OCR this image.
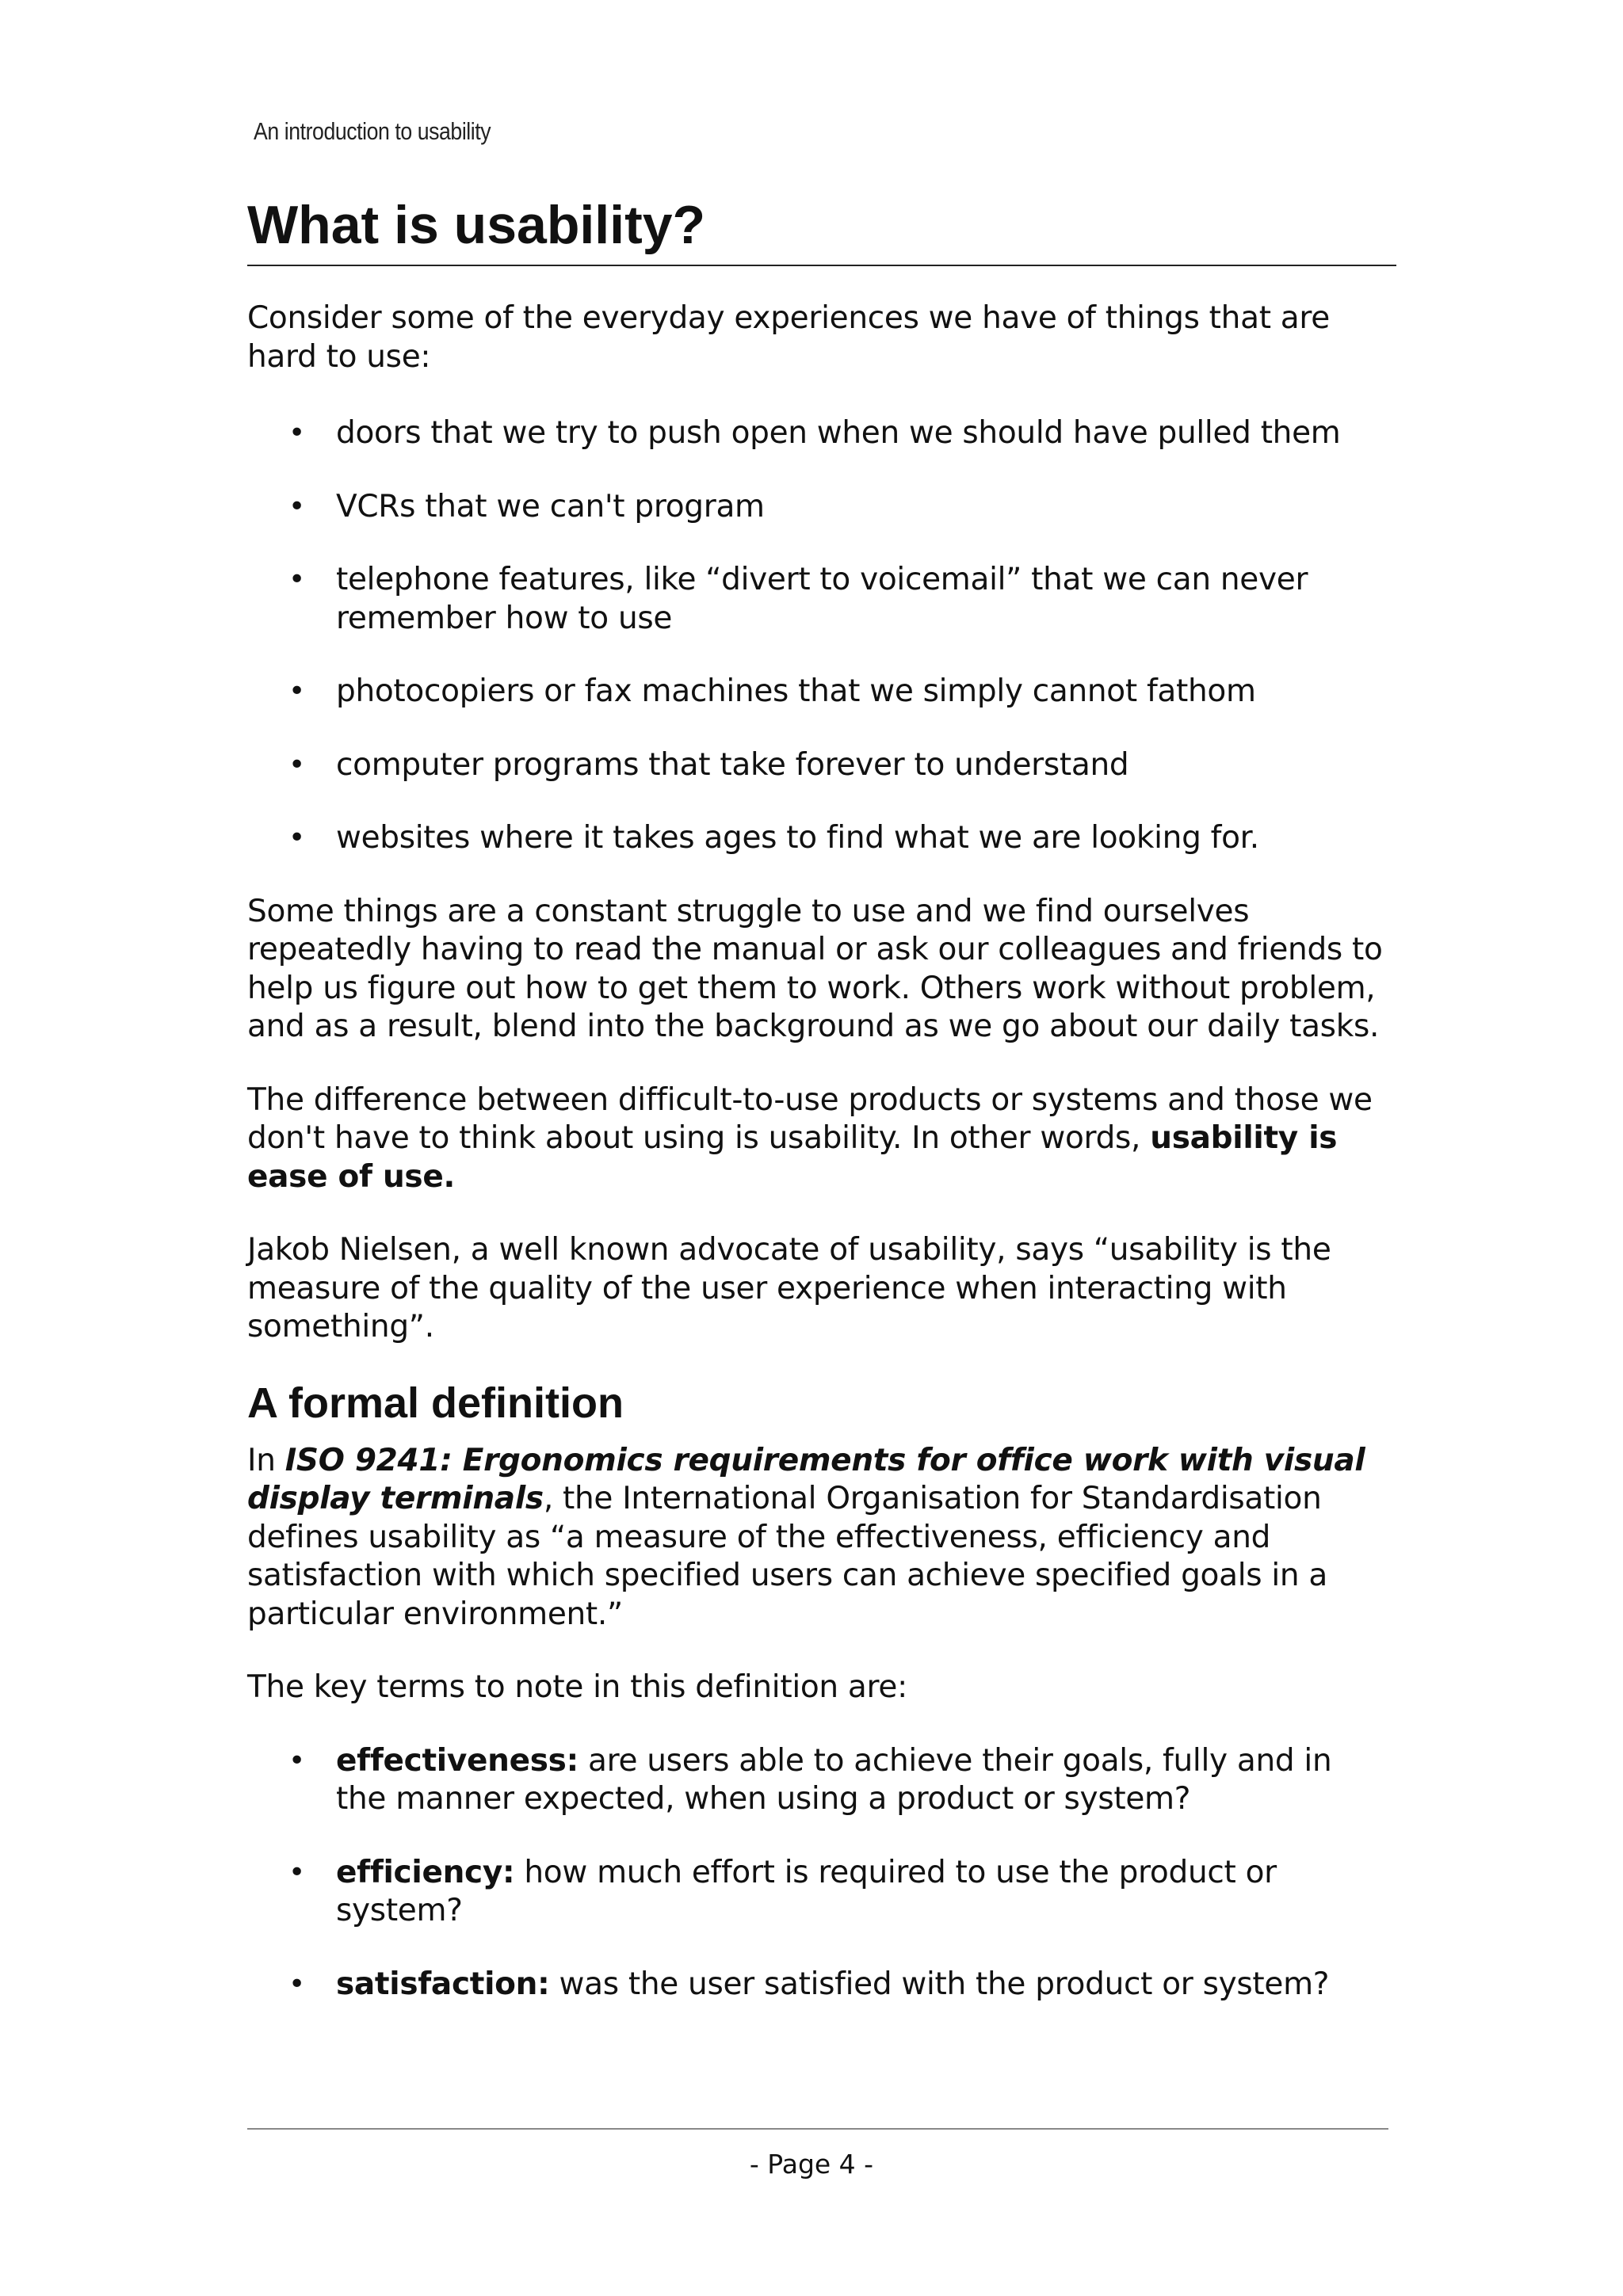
An introduction to usability
What is usability?

Consider some of the everyday experiences we have of things that are hard to use:

• doors that we try to push open when we should have pulled them
• VCRs that we can't program
• telephone features, like “divert to voicemail” that we can never remember how to use
• photocopiers or fax machines that we simply cannot fathom
• computer programs that take forever to understand
• websites where it takes ages to find what we are looking for.

Some things are a constant struggle to use and we find ourselves repeatedly having to read the manual or ask our colleagues and friends to help us figure out how to get them to work. Others work without problem, and as a result, blend into the background as we go about our daily tasks.

The difference between difficult-to-use products or systems and those we don't have to think about using is usability. In other words, usability is ease of use.

Jakob Nielsen, a well known advocate of usability, says “usability is the measure of the quality of the user experience when interacting with something”.

A formal definition

In ISO 9241: Ergonomics requirements for office work with visual display terminals, the International Organisation for Standardisation defines usability as “a measure of the effectiveness, efficiency and satisfaction with which specified users can achieve specified goals in a particular environment.”

The key terms to note in this definition are:

• effectiveness: are users able to achieve their goals, fully and in the manner expected, when using a product or system?
• efficiency: how much effort is required to use the product or system?
• satisfaction: was the user satisfied with the product or system?
- Page 4 -
